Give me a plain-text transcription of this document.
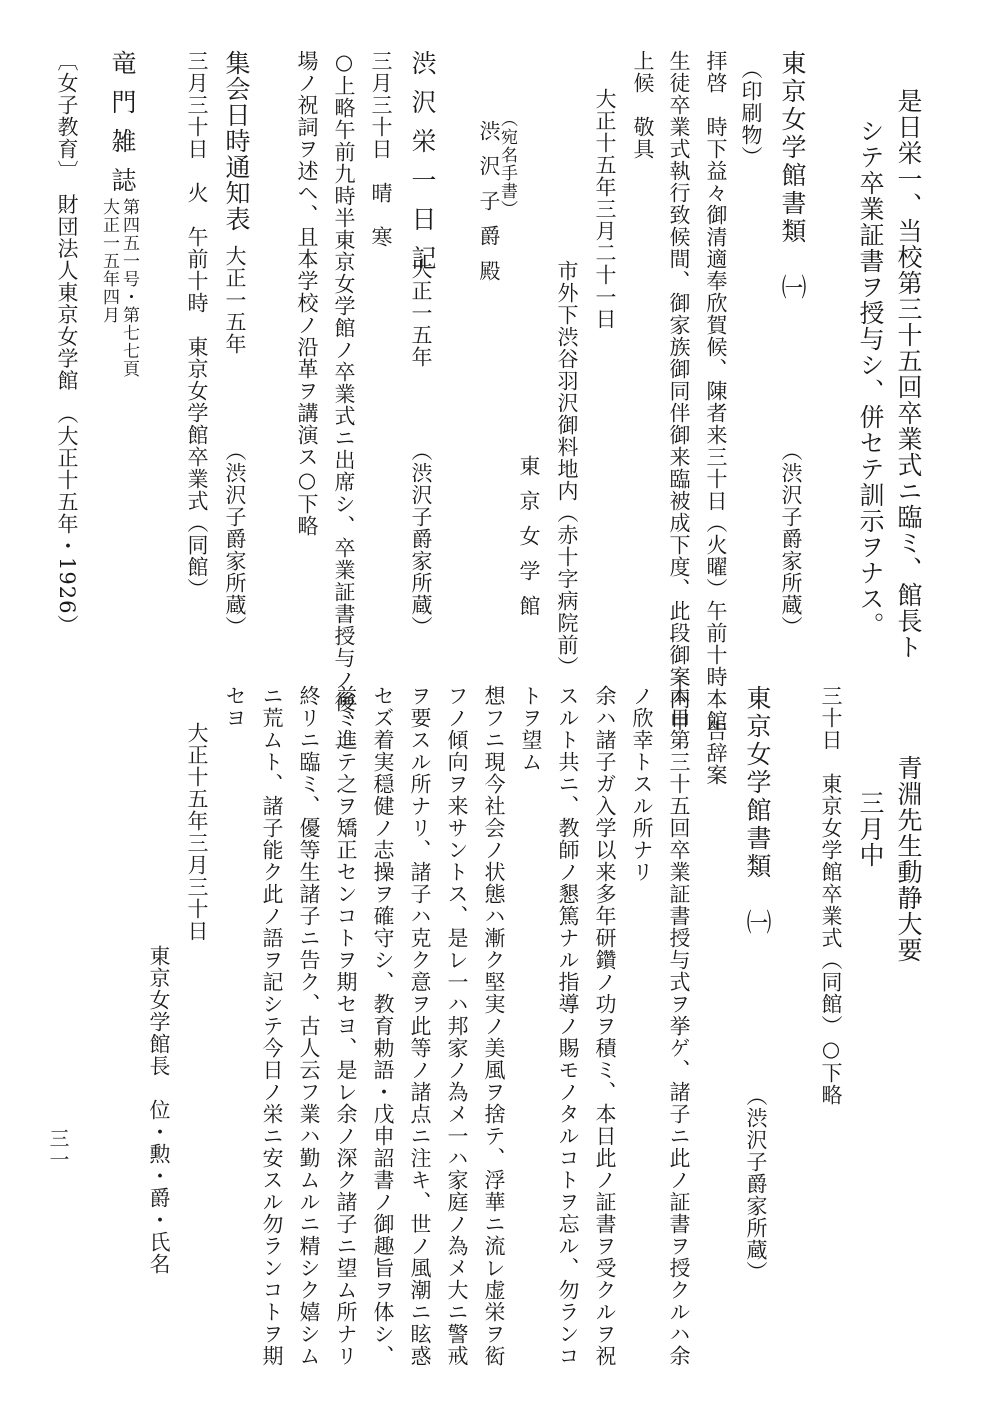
是日栄一、当校第三十五回卒業式ニ臨ミ、館長ト
シテ卒業証書ヲ授与シ、併セテ訓示ヲナス。
東京女学館書類　㈠
（渋沢子爵家所蔵）
（印刷物）
拝啓　時下益々御清適奉欣賀候、陳者来三十日（火曜）午前十時本館
生徒卒業式執行致候間、御家族御同伴御来臨被成下度、此段御案内申
上候　敬具
大正十五年三月二十一日
市外下渋谷羽沢御料地内（赤十字病院前）
東京女学館
（宛名手書）
渋沢子爵殿
渋沢栄一日記
大正一五年
（渋沢子爵家所蔵）
三月三十日　晴　寒
○上略午前九時半東京女学館ノ卒業式ニ出席シ、卒業証書授与ノ後、一
場ノ祝詞ヲ述ヘ、且本学校ノ沿革ヲ講演ス○下略
集会日時通知表
大正一五年
（渋沢子爵家所蔵）
三月三十日　火　午前十時　東京女学館卒業式（同館）
竜門雑誌
第四五一号・第七七頁
大正一五年四月
〔女子教育〕　財団法人東京女学館　（大正十五年・1926）
青淵先生動静大要
三月中
三十日　東京女学館卒業式（同館）○下略
東京女学館書類　㈠
（渋沢子爵家所蔵）
告辞案
本日第三十五回卒業証書授与式ヲ挙ゲ、諸子ニ此ノ証書ヲ授クルハ余
ノ欣幸トスル所ナリ
余ハ諸子ガ入学以来多年研鑽ノ功ヲ積ミ、本日此ノ証書ヲ受クルヲ祝
スルト共ニ、教師ノ懇篤ナル指導ノ賜モノタルコトヲ忘ル、勿ランコ
トヲ望ム
想フニ現今社会ノ状態ハ漸ク堅実ノ美風ヲ捨テ、浮華ニ流レ虚栄ヲ衒
フノ傾向ヲ来サントス、是レ一ハ邦家ノ為メ一ハ家庭ノ為メ大ニ警戒
ヲ要スル所ナリ、諸子ハ克ク意ヲ此等ノ諸点ニ注キ、世ノ風潮ニ眩惑
セズ着実穏健ノ志操ヲ確守シ、教育勅語・戊申詔書ノ御趣旨ヲ体シ、
益ミ進テ之ヲ矯正センコトヲ期セヨ、是レ余ノ深ク諸子ニ望ム所ナリ
終リニ臨ミ、優等生諸子ニ告ク、古人云フ業ハ勤ムルニ精シク嬉シム
ニ荒ムト、諸子能ク此ノ語ヲ記シテ今日ノ栄ニ安スル勿ランコトヲ期
セヨ
大正十五年三月三十日
東京女学館長　位・勲・爵・氏名
三一
